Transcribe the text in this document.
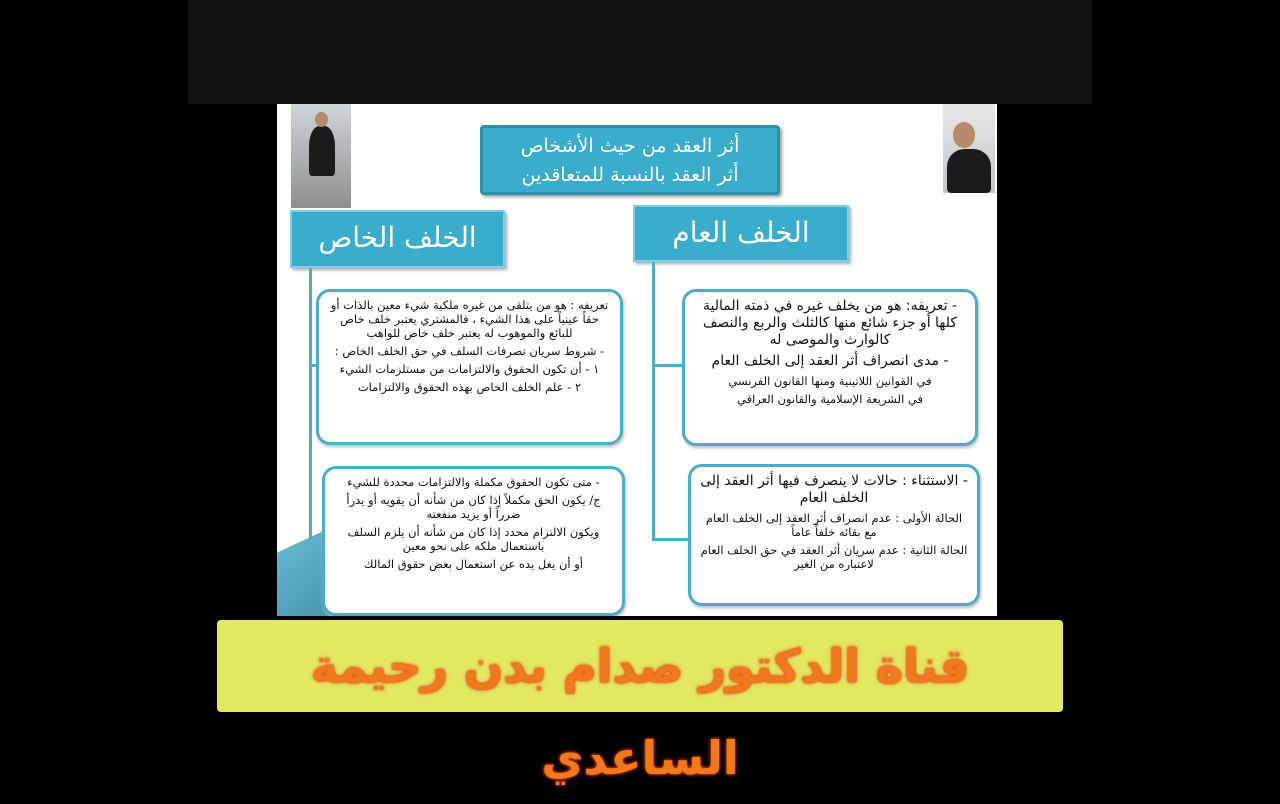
أثر العقد من حيث الأشخاص
أثر العقد بالنسبة للمتعاقدين
الخلف الخاص	الخلف العام

تعريفه : هو من يتلقى من غيره ملكية شيء معين بالذات أو حقاً عينياً على هذا الشيء ، فالمشتري يعتبر خلف خاص للبائع والموهوب له يعتبر خلف خاص للواهب

- شروط سريان تصرفات السلف في حق الخلف الخاص :

١ - أن تكون الحقوق والالتزامات من مستلزمات الشيء

٢ - علم الخلف الخاص بهذه الحقوق والالتزامات

- متى تكون الحقوق مكملة والالتزامات محددة للشيء

ج/ يكون الحق مكملاً إذا كان من شأنه أن يقويه أو يدرأ ضرراً أو يزيد منفعته

ويكون الالتزام محدد إذا كان من شأنه أن يلزم السلف باستعمال ملكه على نحو معين

أو أن يغل يده عن استعمال بعض حقوق المالك

- تعريفه: هو من يخلف غيره في ذمته المالية كلها أو جزء شائع منها كالثلث والربع والنصف كالوارث والموصى له

- مدى انصراف أثر العقد إلى الخلف العام

في القوانين اللاتينية ومنها القانون الفرنسي

في الشريعة الإسلامية والقانون العراقي

- الاستثناء : حالات لا ينصرف فيها أثر العقد إلى الخلف العام

الحالة الأولى : عدم انصراف أثر العقد إلى الخلف العام مع بقائه خلفاً عاماً

الحالة الثانية : عدم سريان أثر العقد في حق الخلف العام لاعتباره من الغير

قناة الدكتور صدام بدن رحيمة الساعدي
